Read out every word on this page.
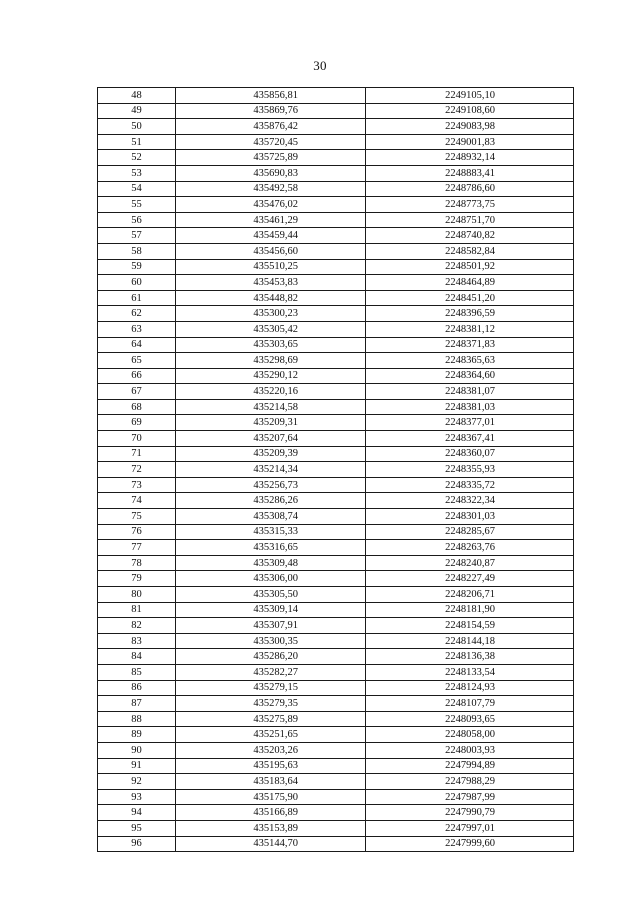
30
48	435856,81	2249105,10
49	435869,76	2249108,60
50	435876,42	2249083,98
51	435720,45	2249001,83
52	435725,89	2248932,14
53	435690,83	2248883,41
54	435492,58	2248786,60
55	435476,02	2248773,75
56	435461,29	2248751,70
57	435459,44	2248740,82
58	435456,60	2248582,84
59	435510,25	2248501,92
60	435453,83	2248464,89
61	435448,82	2248451,20
62	435300,23	2248396,59
63	435305,42	2248381,12
64	435303,65	2248371,83
65	435298,69	2248365,63
66	435290,12	2248364,60
67	435220,16	2248381,07
68	435214,58	2248381,03
69	435209,31	2248377,01
70	435207,64	2248367,41
71	435209,39	2248360,07
72	435214,34	2248355,93
73	435256,73	2248335,72
74	435286,26	2248322,34
75	435308,74	2248301,03
76	435315,33	2248285,67
77	435316,65	2248263,76
78	435309,48	2248240,87
79	435306,00	2248227,49
80	435305,50	2248206,71
81	435309,14	2248181,90
82	435307,91	2248154,59
83	435300,35	2248144,18
84	435286,20	2248136,38
85	435282,27	2248133,54
86	435279,15	2248124,93
87	435279,35	2248107,79
88	435275,89	2248093,65
89	435251,65	2248058,00
90	435203,26	2248003,93
91	435195,63	2247994,89
92	435183,64	2247988,29
93	435175,90	2247987,99
94	435166,89	2247990,79
95	435153,89	2247997,01
96	435144,70	2247999,60
